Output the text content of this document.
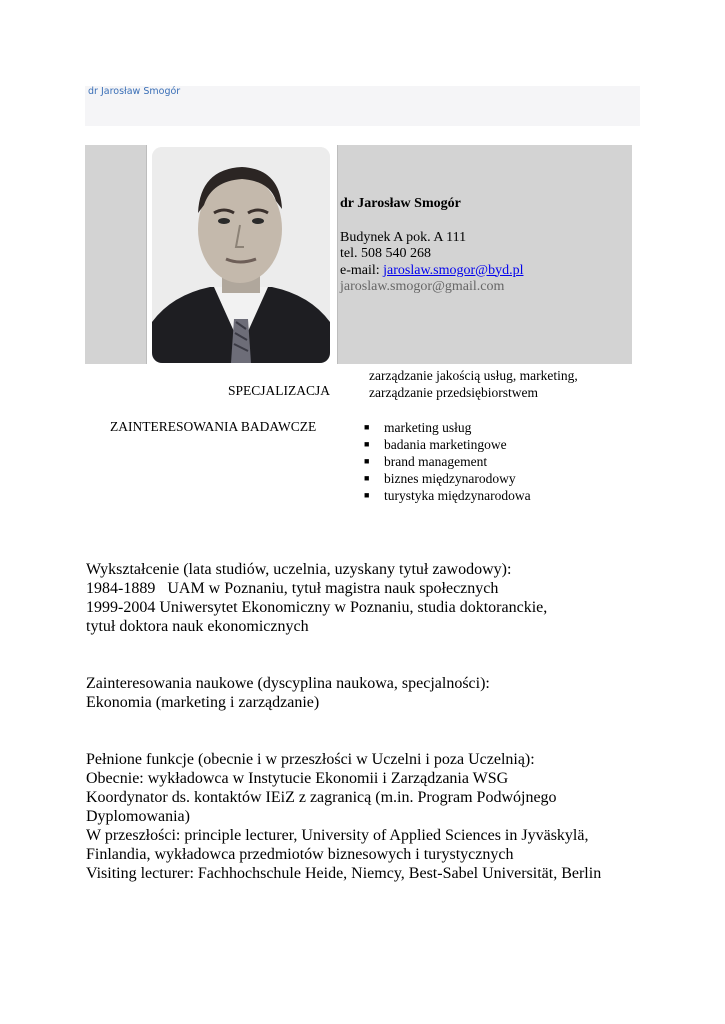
dr Jarosław Smogór
dr Jarosław Smogór
Budynek A pok. A 111
tel. 508 540 268
e-mail: jaroslaw.smogor@byd.pl
jaroslaw.smogor@gmail.com
SPECJALIZACJA
zarządzanie jakością usług, marketing,
zarządzanie przedsiębiorstwem
ZAINTERESOWANIA BADAWCZE	■ marketing usług
■ badania marketingowe
■ brand management
■ biznes międzynarodowy
■ turystyka międzynarodowa

Wykształcenie (lata studiów, uczelnia, uzyskany tytuł zawodowy):

1984-1889   UAM w Poznaniu, tytuł magistra nauk społecznych

1999-2004 Uniwersytet Ekonomiczny w Poznaniu, studia doktoranckie,

tytuł doktora nauk ekonomicznych

Zainteresowania naukowe (dyscyplina naukowa, specjalności):

Ekonomia (marketing i zarządzanie)

Pełnione funkcje (obecnie i w przeszłości w Uczelni i poza Uczelnią):

Obecnie: wykładowca w Instytucie Ekonomii i Zarządzania WSG

Koordynator ds. kontaktów IEiZ z zagranicą (m.in. Program Podwójnego

Dyplomowania)

W przeszłości: principle lecturer, University of Applied Sciences in Jyväskylä,

Finlandia, wykładowca przedmiotów biznesowych i turystycznych

Visiting lecturer: Fachhochschule Heide, Niemcy, Best-Sabel Universität, Berlin
